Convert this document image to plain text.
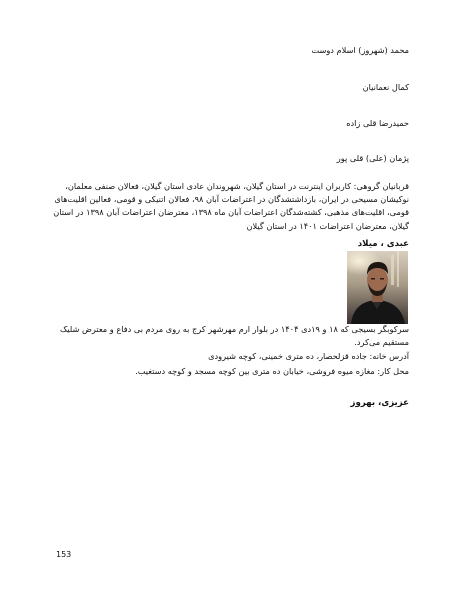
محمد (شهروز) اسلام دوست
کمال نعمانیان
حمیدرضا قلی زاده
پژمان (علی) قلی پور
قربانیان گروهی: کاربران اینترنت در استان گیلان، شهروندان عادی استان گیلان، فعالان صنفی معلمان، نوکیشان مسیحی در ایران، بازداشتشدگان در اعتراضات آبان ۹۸، فعالان اتنیکی و قومی، فعالین اقلیت‌های قومی، اقلیت‌های مذهبی، کشته‌شدگان اعتراضات آبان ماه ۱۳۹۸، معترضان اعتراضات آبان ۱۳۹۸ در استان گیلان، معترضان اعتراضات ۱۴۰۱ در استان گیلان
عبدی ، میلاد
سرکوبگر بسیجی که ۱۸ و ۱۹دی ۱۴۰۴ در بلوار ارم مهرشهر کرج به روی مردم بی دفاع و معترض شلیک مستقیم می‌کرد.
آدرس خانه: جاده قزلحصار، ده متری خمینی، کوچه شیرودی
محل کار: مغازه میوه فروشی، خیابان ده متری بین کوچه مسجد و کوچه دستغیب.
عزیزی، بهروز
153
